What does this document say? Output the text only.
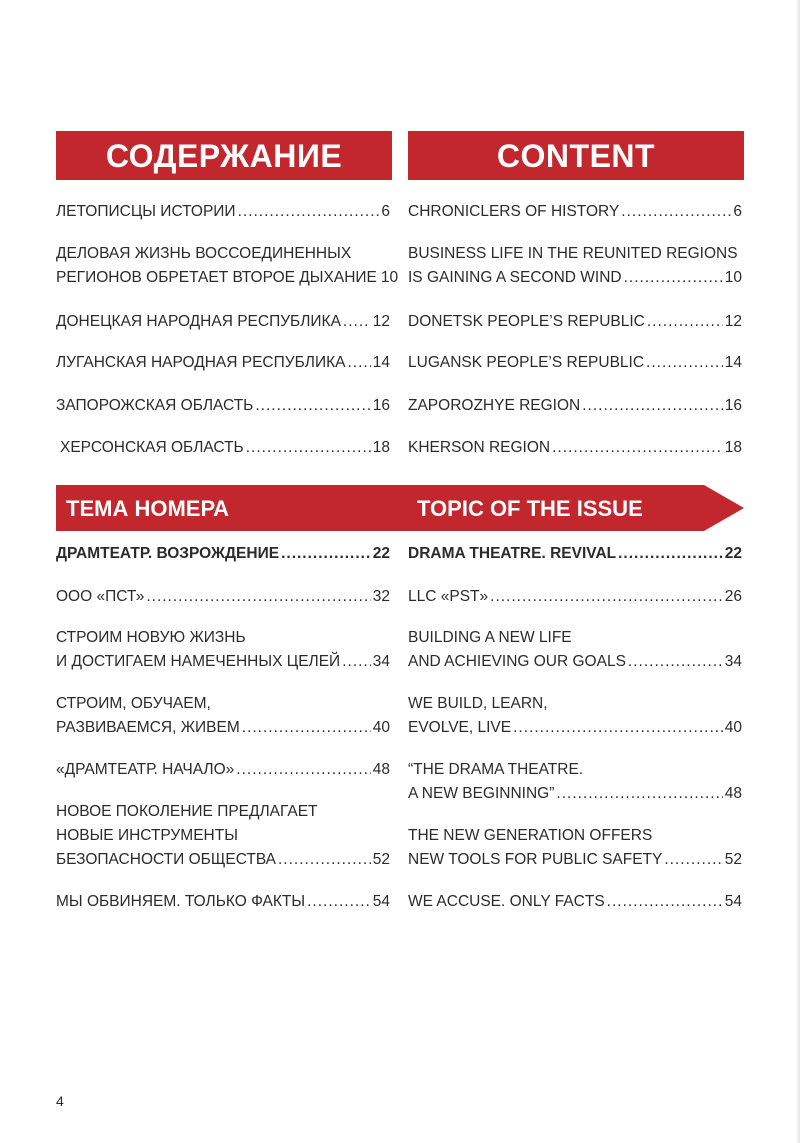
СОДЕРЖАНИЕ	CONTENT
ЛЕТОПИСЦЫ ИСТОРИИ .....	6
ДЕЛОВАЯ ЖИЗНЬ ВОССОЕДИНЕННЫХ
РЕГИОНОВ ОБРЕТАЕТ ВТОРОЕ ДЫХАНИЕ 10
ДОНЕЦКАЯ НАРОДНАЯ РЕСПУБЛИКА ..... 12
ЛУГАНСКАЯ НАРОДНАЯ РЕСПУБЛИКА ..... 14
ЗАПОРОЖСКАЯ ОБЛАСТЬ .....	16
ХЕРСОНСКАЯ ОБЛАСТЬ .....	18
CHRONICLERS OF HISTORY .....	6
BUSINESS LIFE IN THE REUNITED REGIONS
IS GAINING A SECOND WIND .....	10
DONETSK PEOPLE’S REPUBLIC .....	12
LUGANSK PEOPLE’S REPUBLIC .....	14
ZAPOROZHYE REGION .....	16
KHERSON REGION .....	18
ТЕМА НОМЕРА	TOPIC OF THE ISSUE
ДРАМТЕАТР. ВОЗРОЖДЕНИЕ .....	22
ООО «ПСТ» .....	32
СТРОИМ НОВУЮ ЖИЗНЬ
И ДОСТИГАЕМ НАМЕЧЕННЫХ ЦЕЛЕЙ ..... 34
СТРОИМ, ОБУЧАЕМ,
РАЗВИВАЕМСЯ, ЖИВЕМ .....	40
«ДРАМТЕАТР. НАЧАЛО» .....	48
НОВОЕ ПОКОЛЕНИЕ ПРЕДЛАГАЕТ
НОВЫЕ ИНСТРУМЕНТЫ
БЕЗОПАСНОСТИ ОБЩЕСТВА .....	52
МЫ ОБВИНЯЕМ. ТОЛЬКО ФАКТЫ .....	54
DRAMA THEATRE. REVIVAL .....	22
LLC «PST» .....	26
BUILDING A NEW LIFE
AND ACHIEVING OUR GOALS .....	34
WE BUILD, LEARN,
EVOLVE, LIVE .....	40
“THE DRAMA THEATRE.
A NEW BEGINNING” .....	48
THE NEW GENERATION OFFERS
NEW TOOLS FOR PUBLIC SAFETY .....	52
WE ACCUSE. ONLY FACTS .....	54
4
